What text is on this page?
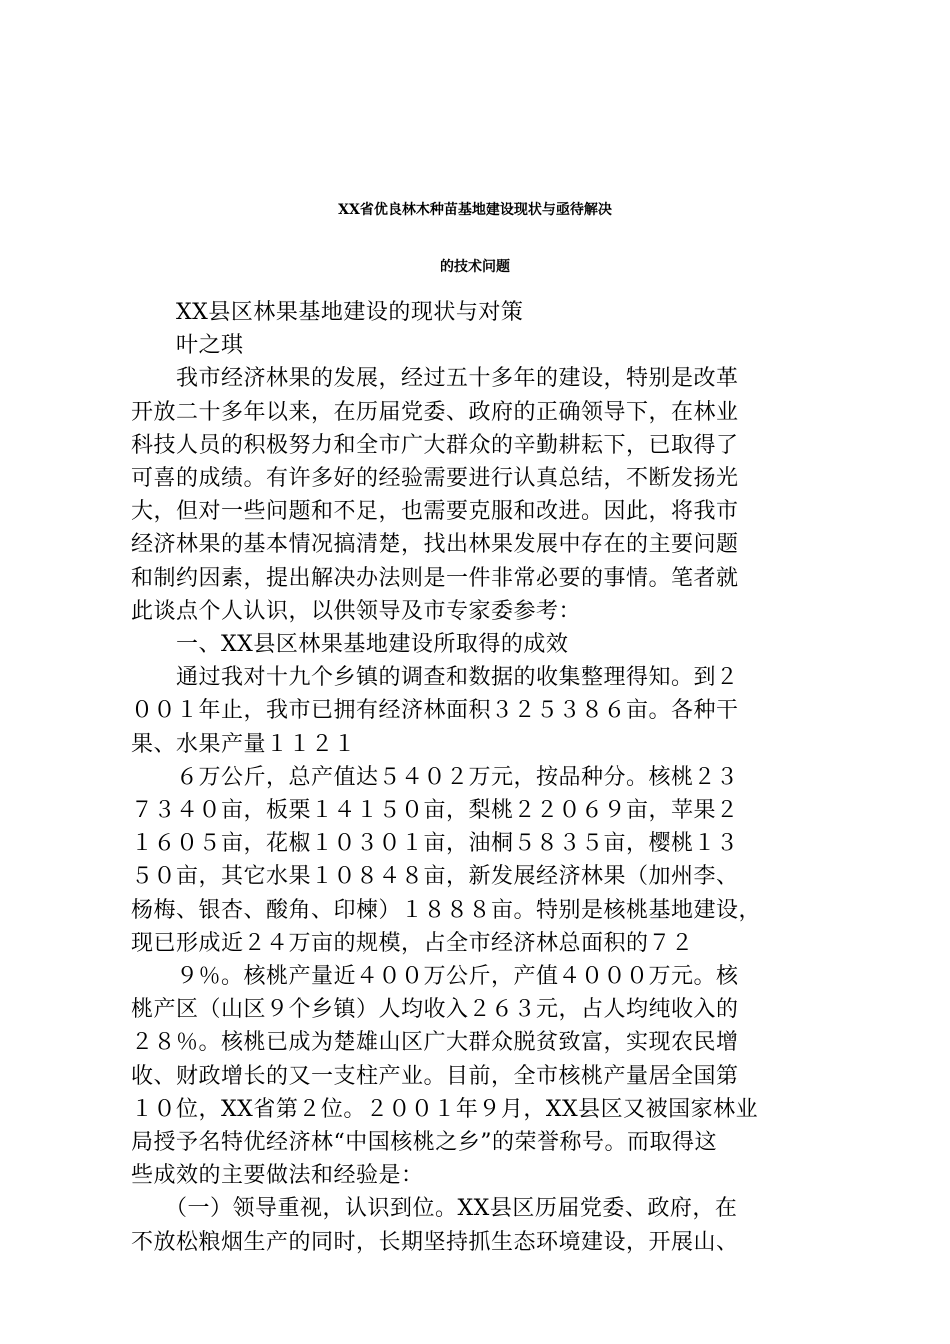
XX省优良林木种苗基地建设现状与亟待解决
的技术问题
　　XX县区林果基地建设的现状与对策
　　叶之琪
　　我市经济林果的发展，经过五十多年的建设，特别是改革
开放二十多年以来，在历届党委、政府的正确领导下，在林业
科技人员的积极努力和全市广大群众的辛勤耕耘下，已取得了
可喜的成绩。有许多好的经验需要进行认真总结，不断发扬光
大，但对一些问题和不足，也需要克服和改进。因此，将我市
经济林果的基本情况搞清楚，找出林果发展中存在的主要问题
和制约因素，提出解决办法则是一件非常必要的事情。笔者就
此谈点个人认识，以供领导及市专家委参考：
　　一、XX县区林果基地建设所取得的成效
　　通过我对十九个乡镇的调查和数据的收集整理得知。到２
００１年止，我市已拥有经济林面积３２５３８６亩。各种干
果、水果产量１１２１
　　６万公斤，总产值达５４０２万元，按品种分。核桃２３
７３４０亩，板栗１４１５０亩，梨桃２２０６９亩，苹果２
１６０５亩，花椒１０３０１亩，油桐５８３５亩，樱桃１３
５０亩，其它水果１０８４８亩，新发展经济林果（加州李、
杨梅、银杏、酸角、印楝）１８８８亩。特别是核桃基地建设，
现已形成近２４万亩的规模，占全市经济林总面积的７２
　　９％。核桃产量近４００万公斤，产值４０００万元。核
桃产区（山区９个乡镇）人均收入２６３元，占人均纯收入的
２８％。核桃已成为楚雄山区广大群众脱贫致富，实现农民增
收、财政增长的又一支柱产业。目前，全市核桃产量居全国第
１０位，XX省第２位。２００１年９月，XX县区又被国家林业
局授予名特优经济林“中国核桃之乡”的荣誉称号。而取得这
些成效的主要做法和经验是：
　　（一）领导重视，认识到位。XX县区历届党委、政府，在
不放松粮烟生产的同时，长期坚持抓生态环境建设，开展山、
